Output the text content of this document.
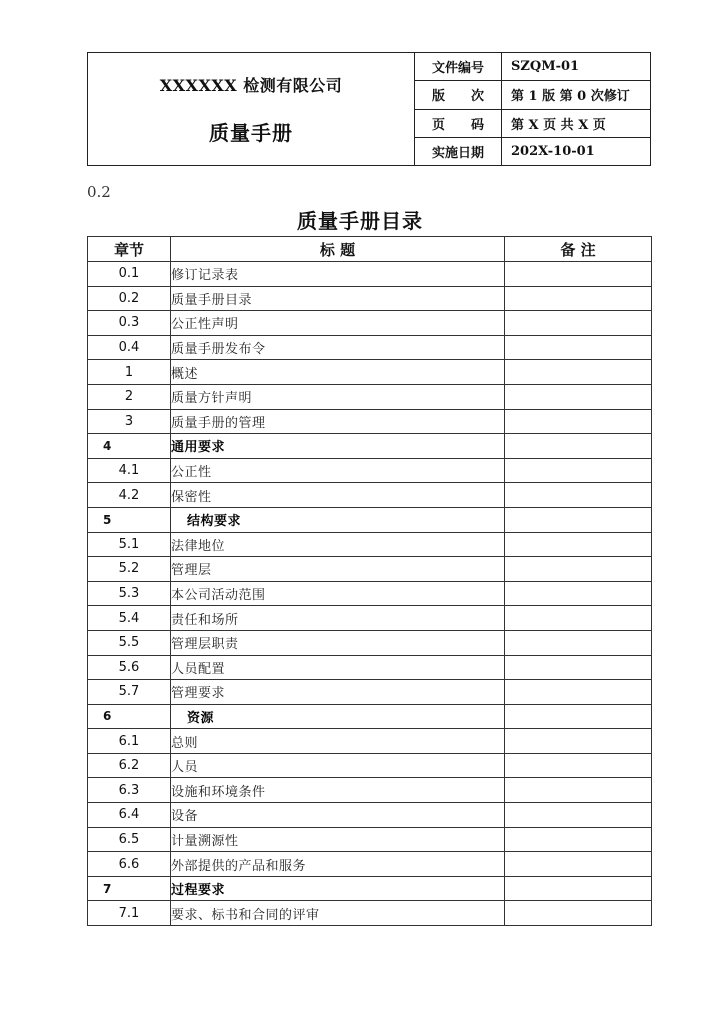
XXXXXX 检测有限公司
质量手册
文件编号	SZQM-01
版　　次	第 1 版 第 0 次修订
页　　码	第 X 页 共 X 页
实施日期	202X-10-01
0.2
质量手册目录
章节	标 题	备 注
0.1	修订记录表	
0.2	质量手册目录	
0.3	公正性声明	
0.4	质量手册发布令	
1	概述	
2	质量方针声明	
3	质量手册的管理	
4	通用要求	
4.1	公正性	
4.2	保密性	
5	结构要求	
5.1	法律地位	
5.2	管理层	
5.3	本公司活动范围	
5.4	责任和场所	
5.5	管理层职责	
5.6	人员配置	
5.7	管理要求	
6	资源	
6.1	总则	
6.2	人员	
6.3	设施和环境条件	
6.4	设备	
6.5	计量溯源性	
6.6	外部提供的产品和服务	
7	过程要求	
7.1	要求、标书和合同的评审	
